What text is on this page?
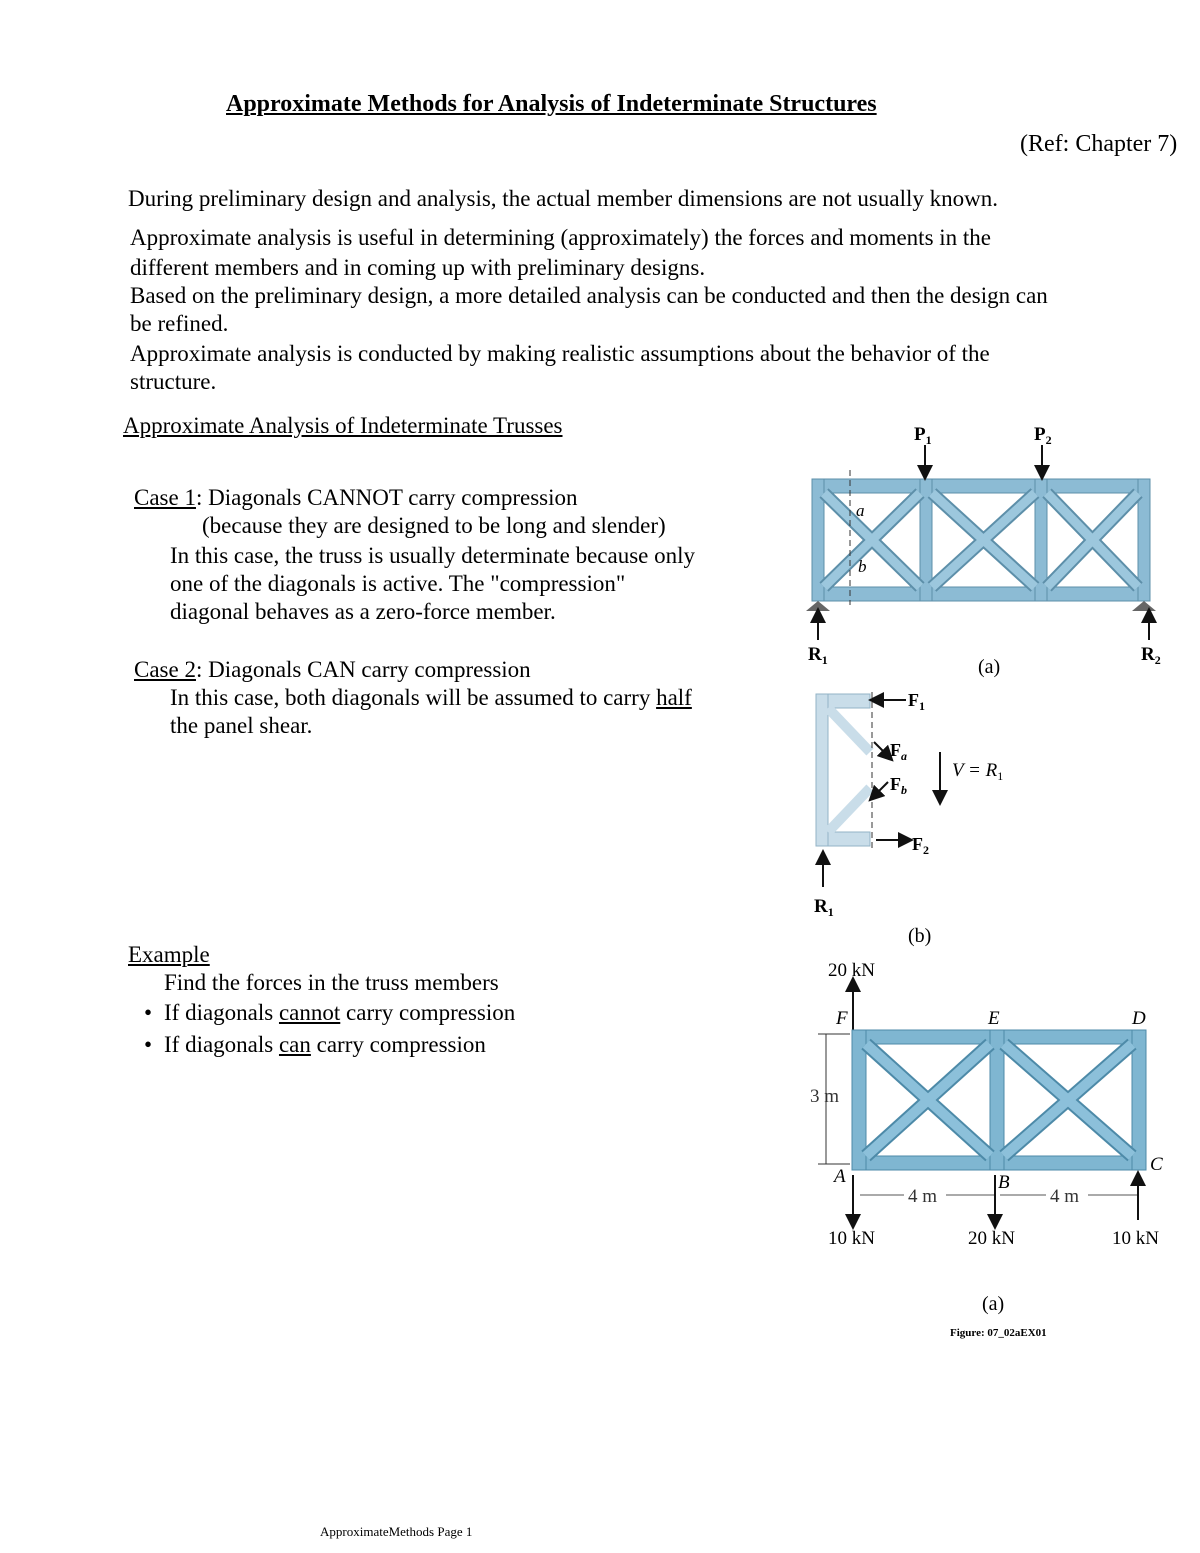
Approximate Methods for Analysis of Indeterminate Structures
(Ref: Chapter 7)
During preliminary design and analysis, the actual member dimensions are not usually known.
Approximate analysis is useful in determining (approximately) the forces and moments in the
different members and in coming up with preliminary designs.
Based on the preliminary design, a more detailed analysis can be conducted and then the design can
be refined.
Approximate analysis is conducted by making realistic assumptions about the behavior of the
structure.
Approximate Analysis of Indeterminate Trusses
Case 1: Diagonals CANNOT carry compression
(because they are designed to be long and slender)
In this case, the truss is usually determinate because only
one of the diagonals is active. The "compression"
diagonal behaves as a zero-force member.
Case 2: Diagonals CAN carry compression
In this case, both diagonals will be assumed to carry half
the panel shear.
Example
Find the forces in the truss members
• If diagonals cannot carry compression
• If diagonals can carry compression
a
b
$P_1$	$P_2$
$R_1$	$R_2$
(a)
$F_1$
$F_a$
$F_b$
$F_2$
$V = R_1$
$R_1$
(b)
20 kN
F	E	D
3 m
A	B
C
4 m	4 m
10 kN	20 kN	10 kN
(a)
Figure: 07_02aEX01
ApproximateMethods Page 1
